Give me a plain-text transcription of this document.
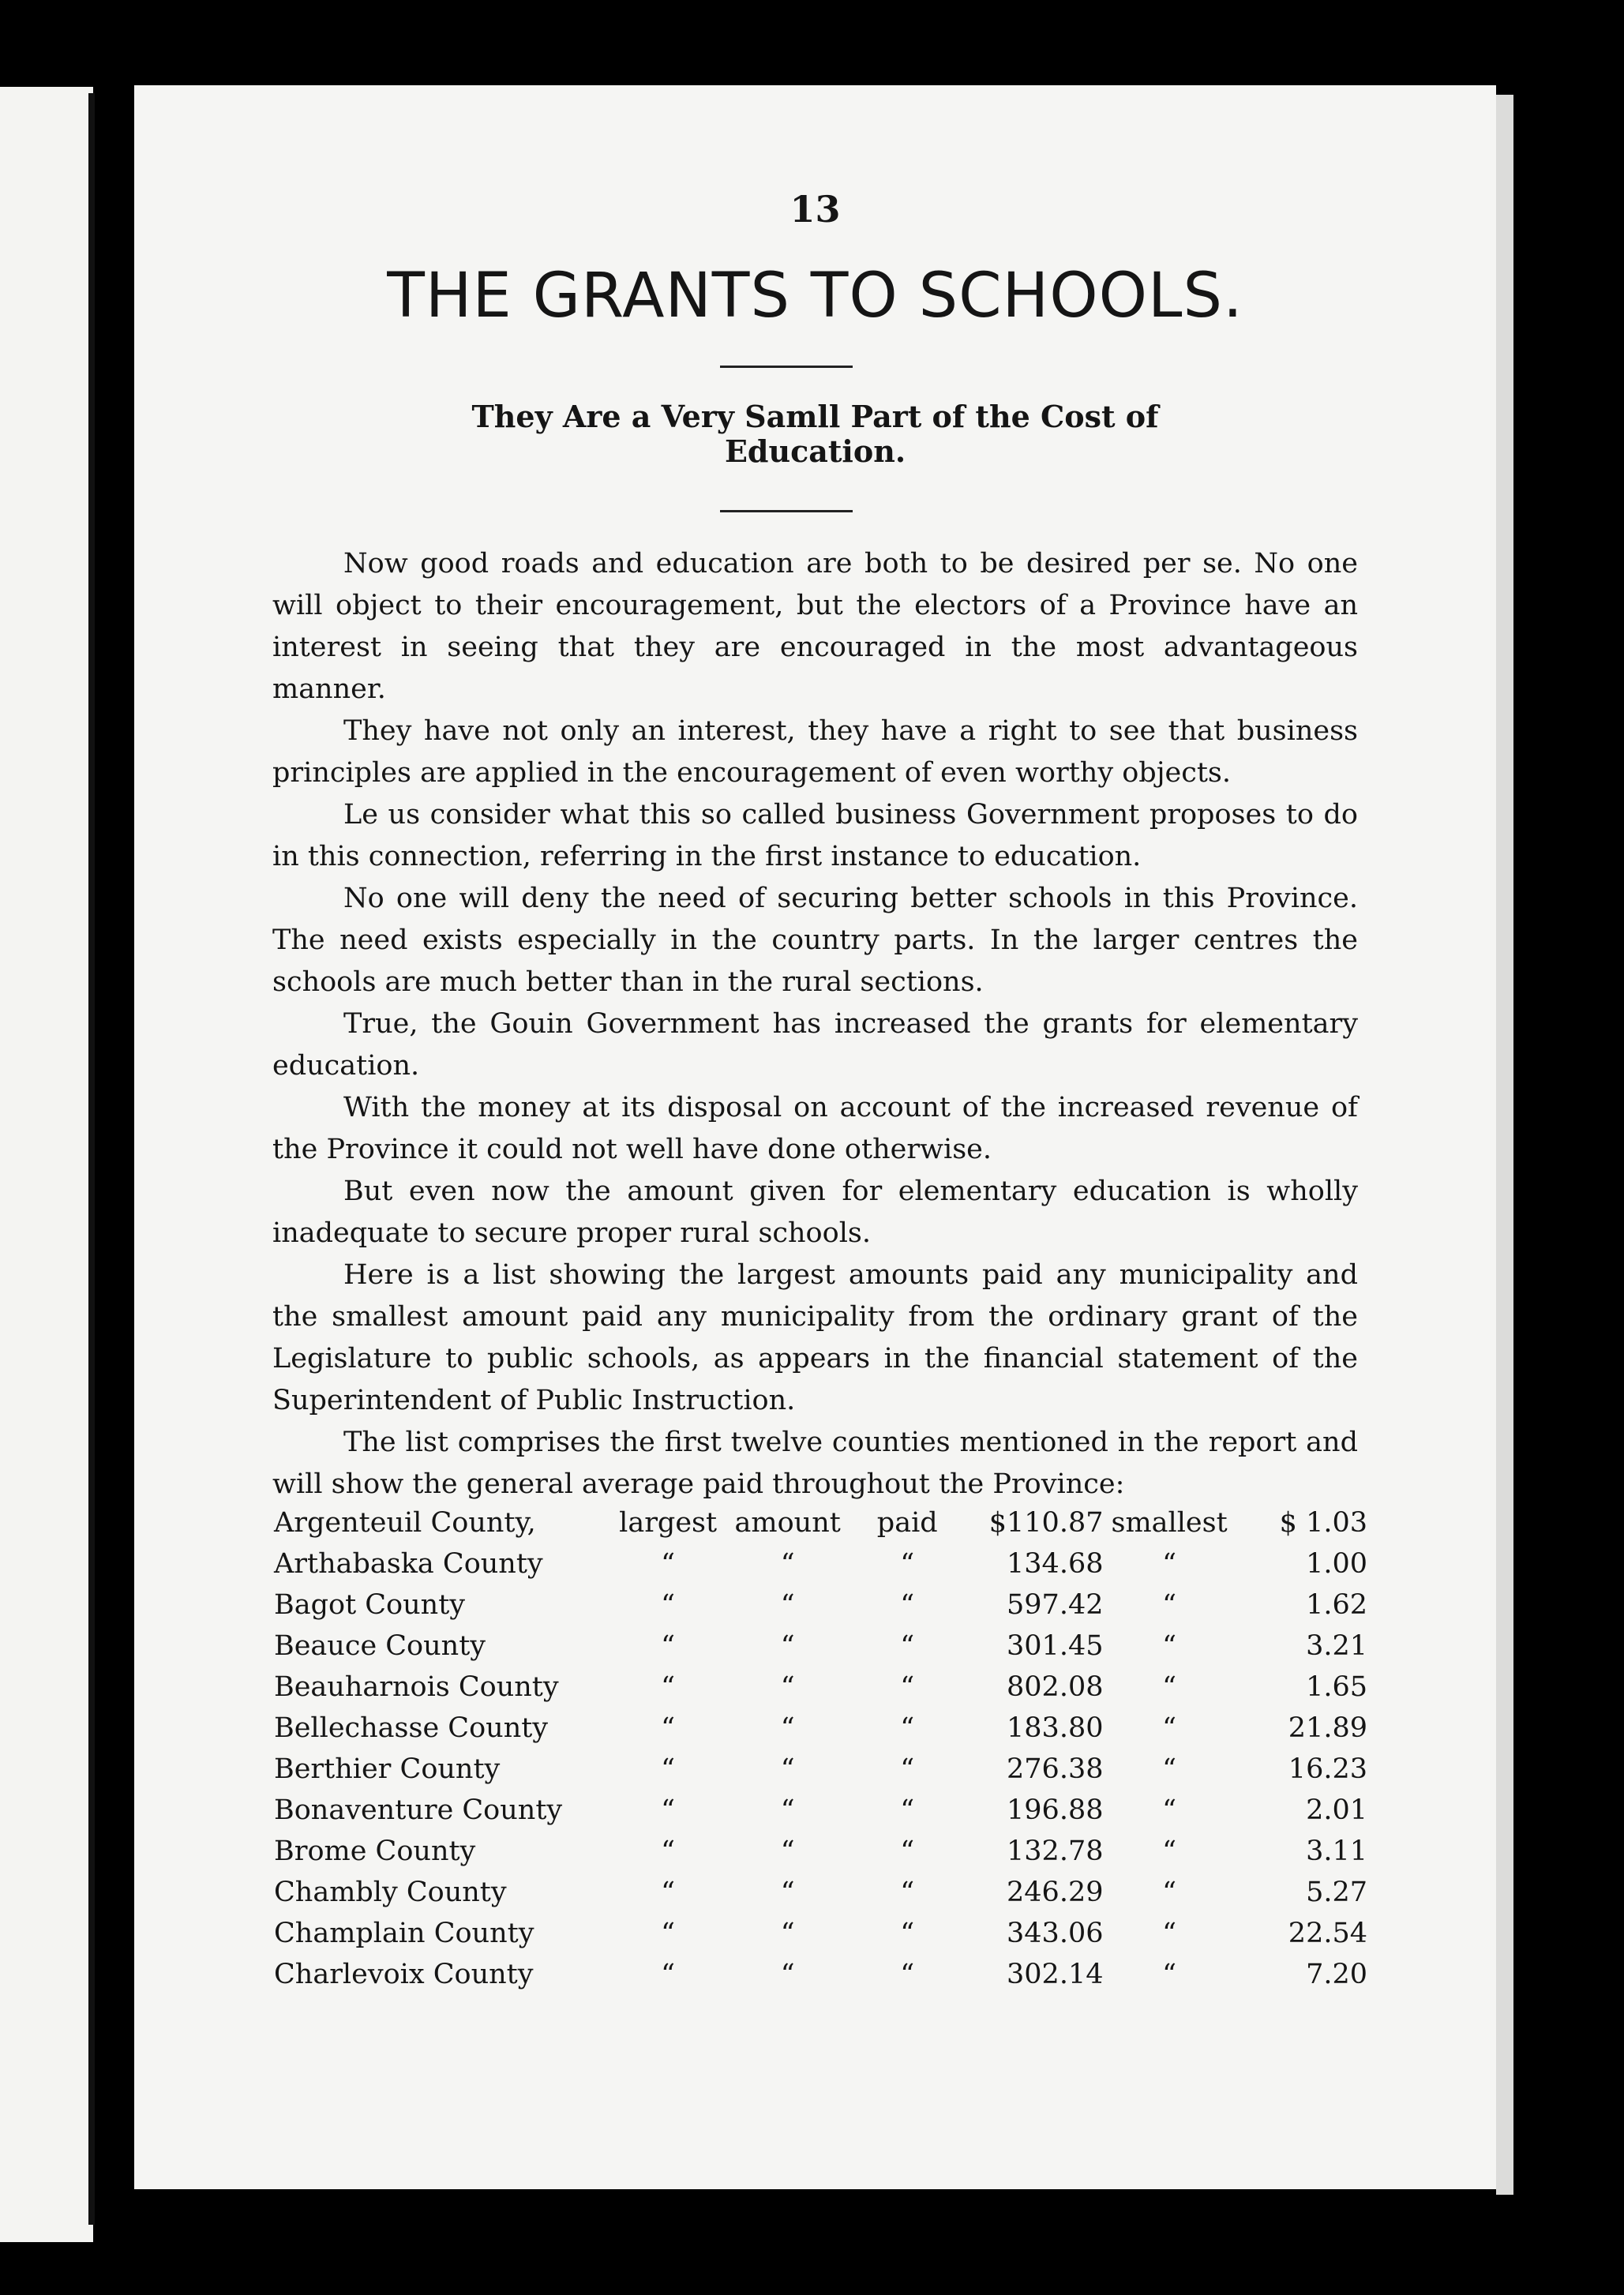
13
THE GRANTS TO SCHOOLS.
They Are a Very Samll Part of the Cost of
Education.

Now good roads and education are both to be desired per se. No one will object to their encouragement, but the electors of a Province have an interest in seeing that they are encouraged in the most advantageous manner.

They have not only an interest, they have a right to see that business principles are applied in the encouragement of even worthy objects.

Le us consider what this so called business Government proposes to do in this connection, referring in the first instance to education.

No one will deny the need of securing better schools in this Province. The need exists especially in the country parts. In the larger centres the schools are much better than in the rural sections.

True, the Gouin Government has increased the grants for elementary education.

With the money at its disposal on account of the increased revenue of the Province it could not well have done otherwise.

But even now the amount given for elementary education is wholly inadequate to secure proper rural schools.

Here is a list showing the largest amounts paid any municipality and the smallest amount paid any municipality from the ordinary grant of the Legislature to public schools, as appears in the financial statement of the Superintendent of Public Instruction.

The list comprises the first twelve counties mentioned in the report and will show the general average paid throughout the Province:

Argenteuil County,	largest	amount	paid	$110.87	smallest	$ 1.03
Arthabaska County	“	“	“	134.68	“	1.00
Bagot County	“	“	“	597.42	“	1.62
Beauce County	“	“	“	301.45	“	3.21
Beauharnois County	“	“	“	802.08	“	1.65
Bellechasse County	“	“	“	183.80	“	21.89
Berthier County	“	“	“	276.38	“	16.23
Bonaventure County	“	“	“	196.88	“	2.01
Brome County	“	“	“	132.78	“	3.11
Chambly County	“	“	“	246.29	“	5.27
Champlain County	“	“	“	343.06	“	22.54
Charlevoix County	“	“	“	302.14	“	7.20
